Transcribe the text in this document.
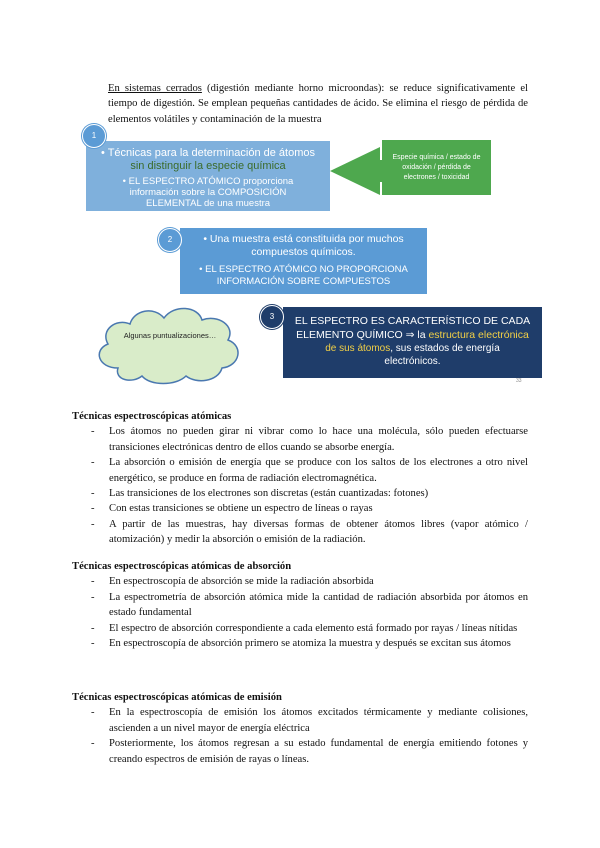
En sistemas cerrados (digestión mediante horno microondas): se reduce significativamente el tiempo de digestión. Se emplean pequeñas cantidades de ácido. Se elimina el riesgo de pérdida de elementos volátiles y contaminación de la muestra

• Técnicas para la determinación de átomos
sin distinguir la especie química
• EL ESPECTRO ATÓMICO proporciona
información sobre la COMPOSICIÓN
ELEMENTAL de una muestra
1
Especie química / estado de oxidación / pérdida de electrones / toxicidad
• Una muestra está constituida por muchos
compuestos químicos.
• EL ESPECTRO ATÓMICO NO PROPORCIONA
INFORMACIÓN SOBRE COMPUESTOS
2
Algunas puntualizaciones…
EL ESPECTRO ES CARACTERÍSTICO DE CADA
ELEMENTO QUÍMICO ⇒ la estructura electrónica
de sus átomos, sus estados de energía
electrónicos.
3
33
Técnicas espectroscópicas atómicas
- Los átomos no pueden girar ni vibrar como lo hace una molécula, sólo pueden efectuarse transiciones electrónicas dentro de ellos cuando se absorbe energía.
- La absorción o emisión de energía que se produce con los saltos de los electrones a otro nivel energético, se produce en forma de radiación electromagnética.
- Las transiciones de los electrones son discretas (están cuantizadas: fotones)
- Con estas transiciones se obtiene un espectro de líneas o rayas
- A partir de las muestras, hay diversas formas de obtener átomos libres (vapor atómico / atomización) y medir la absorción o emisión de la radiación.
Técnicas espectroscópicas atómicas de absorción
- En espectroscopía de absorción se mide la radiación absorbida
- La espectrometría de absorción atómica mide la cantidad de radiación absorbida por átomos en estado fundamental
- El espectro de absorción correspondiente a cada elemento está formado por rayas / líneas nítidas
- En espectroscopía de absorción primero se atomiza la muestra y después se excitan sus átomos
Técnicas espectroscópicas atómicas de emisión
- En la espectroscopía de emisión los átomos excitados térmicamente y mediante colisiones, ascienden a un nivel mayor de energía eléctrica
- Posteriormente, los átomos regresan a su estado fundamental de energía emitiendo fotones y creando espectros de emisión de rayas o líneas.
